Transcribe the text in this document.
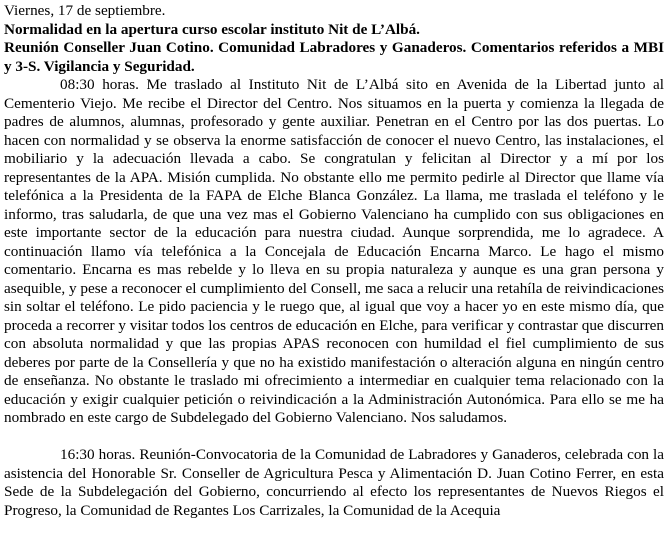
Viernes, 17 de septiembre.

Normalidad en la apertura curso escolar instituto Nit de L’Albá.

Reunión Conseller Juan Cotino. Comunidad Labradores y Ganaderos. Comentarios referidos a MBI y 3-S. Vigilancia y Seguridad.

08:30 horas. Me traslado al Instituto Nit de L’Albá sito en Avenida de la Libertad junto al Cementerio Viejo. Me recibe el Director del Centro. Nos situamos en la puerta y comienza la llegada de padres de alumnos, alumnas, profesorado y gente auxiliar. Penetran en el Centro por las dos puertas. Lo hacen con normalidad y se observa la enorme satisfacción de conocer el nuevo Centro, las instalaciones, el mobiliario y la adecuación llevada a cabo. Se congratulan y felicitan al Director y a mí por los representantes de la APA. Misión cumplida. No obstante ello me permito pedirle al Director que llame vía telefónica a la Presidenta de la FAPA de Elche Blanca González. La llama, me traslada el teléfono y le informo, tras saludarla, de que una vez mas el Gobierno Valenciano ha cumplido con sus obligaciones en este importante sector de la educación para nuestra ciudad. Aunque sorprendida, me lo agradece. A continuación llamo vía telefónica a la Concejala de Educación Encarna Marco. Le hago el mismo comentario. Encarna es mas rebelde y lo lleva en su propia naturaleza y aunque es una gran persona y asequible, y pese a reconocer el cumplimiento del Consell, me saca a relucir una retahíla de reivindicaciones sin soltar el teléfono. Le pido paciencia y le ruego que, al igual que voy a hacer yo en este mismo día, que proceda a recorrer y visitar todos los centros de educación en Elche, para verificar y contrastar que discurren con absoluta normalidad y que las propias APAS reconocen con humildad el fiel cumplimiento de sus deberes por parte de la Consellería y que no ha existido manifestación o alteración alguna en ningún centro de enseñanza. No obstante le traslado mi ofrecimiento a intermediar en cualquier tema relacionado con la educación y exigir cualquier petición o reivindicación a la Administración Autonómica. Para ello se me ha nombrado en este cargo de Subdelegado del Gobierno Valenciano. Nos saludamos.

16:30 horas. Reunión-Convocatoria de la Comunidad de Labradores y Ganaderos, celebrada con la asistencia del Honorable Sr. Conseller de Agricultura Pesca y Alimentación D. Juan Cotino Ferrer, en esta Sede de la Subdelegación del Gobierno, concurriendo al efecto los representantes de Nuevos Riegos el Progreso, la Comunidad de Regantes Los Carrizales, la Comunidad de la Acequia
